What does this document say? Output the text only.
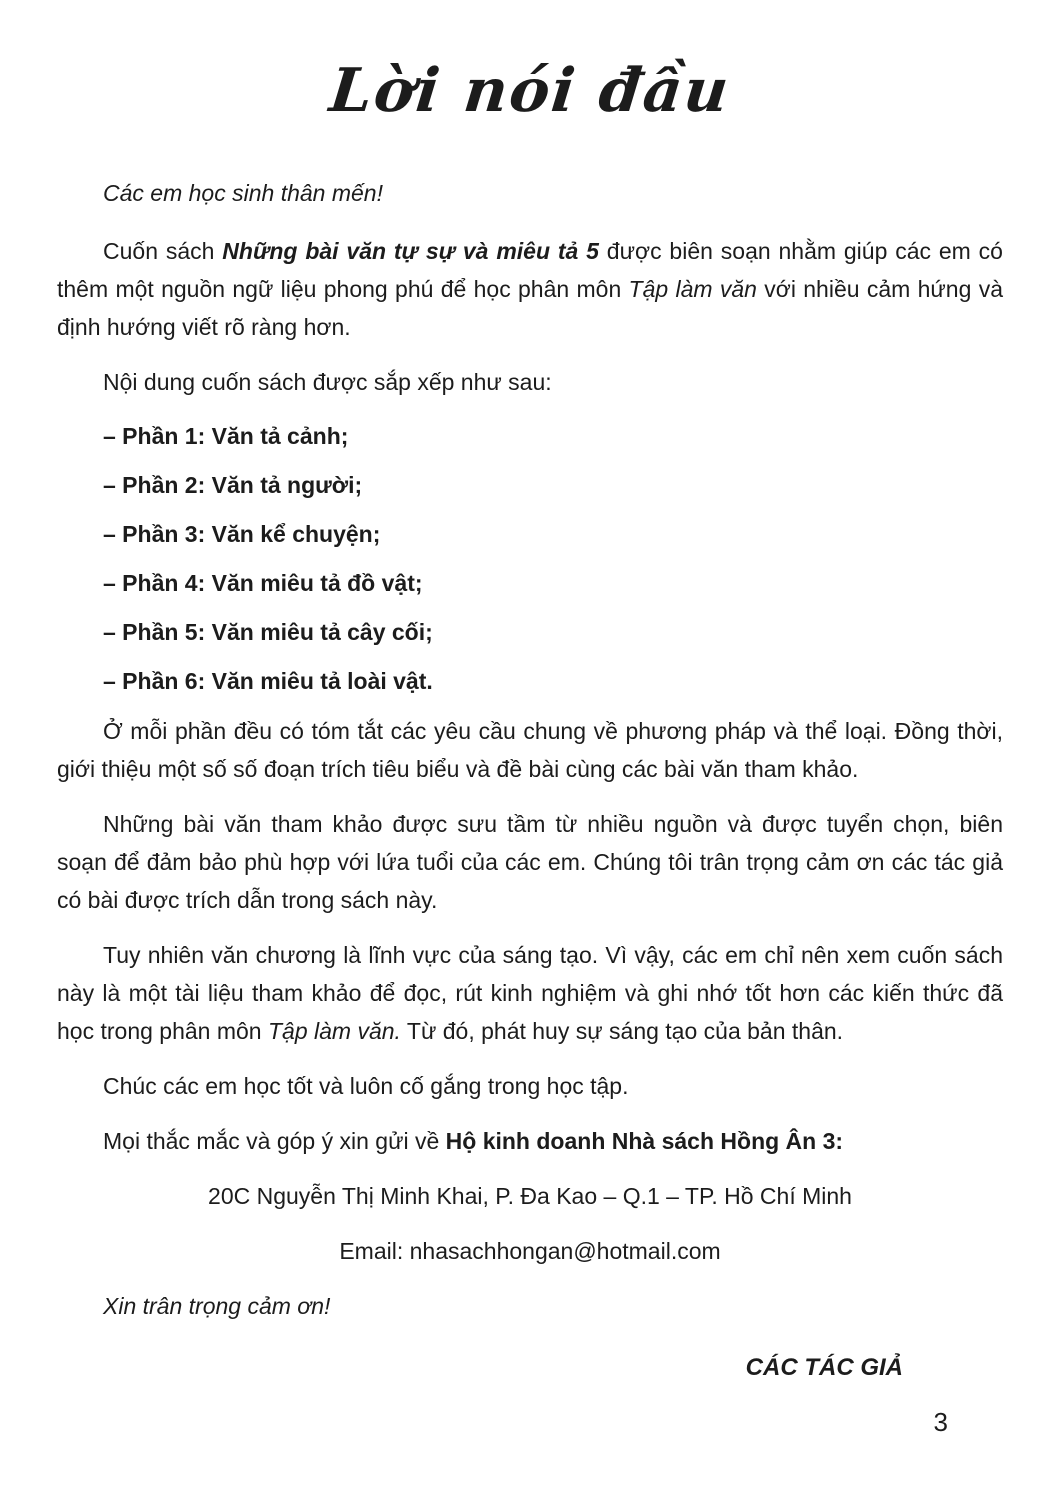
Lời nói đầu

Các em học sinh thân mến!

Cuốn sách Những bài văn tự sự và miêu tả 5 được biên soạn nhằm giúp các em có thêm một nguồn ngữ liệu phong phú để học phân môn Tập làm văn với nhiều cảm hứng và định hướng viết rõ ràng hơn.

Nội dung cuốn sách được sắp xếp như sau:

– Phần 1: Văn tả cảnh;
– Phần 2: Văn tả người;
– Phần 3: Văn kể chuyện;
– Phần 4: Văn miêu tả đồ vật;
– Phần 5: Văn miêu tả cây cối;
– Phần 6: Văn miêu tả loài vật.

Ở mỗi phần đều có tóm tắt các yêu cầu chung về phương pháp và thể loại. Đồng thời, giới thiệu một số số đoạn trích tiêu biểu và đề bài cùng các bài văn tham khảo.

Những bài văn tham khảo được sưu tầm từ nhiều nguồn và được tuyển chọn, biên soạn để đảm bảo phù hợp với lứa tuổi của các em. Chúng tôi trân trọng cảm ơn các tác giả có bài được trích dẫn trong sách này.

Tuy nhiên văn chương là lĩnh vực của sáng tạo. Vì vậy, các em chỉ nên xem cuốn sách này là một tài liệu tham khảo để đọc, rút kinh nghiệm và ghi nhớ tốt hơn các kiến thức đã học trong phân môn Tập làm văn. Từ đó, phát huy sự sáng tạo của bản thân.

Chúc các em học tốt và luôn cố gắng trong học tập.

Mọi thắc mắc và góp ý xin gửi về Hộ kinh doanh Nhà sách Hồng Ân 3:

20C Nguyễn Thị Minh Khai, P. Đa Kao – Q.1 – TP. Hồ Chí Minh

Email: nhasachhongan@hotmail.com

Xin trân trọng cảm ơn!

CÁC TÁC GIẢ

3
